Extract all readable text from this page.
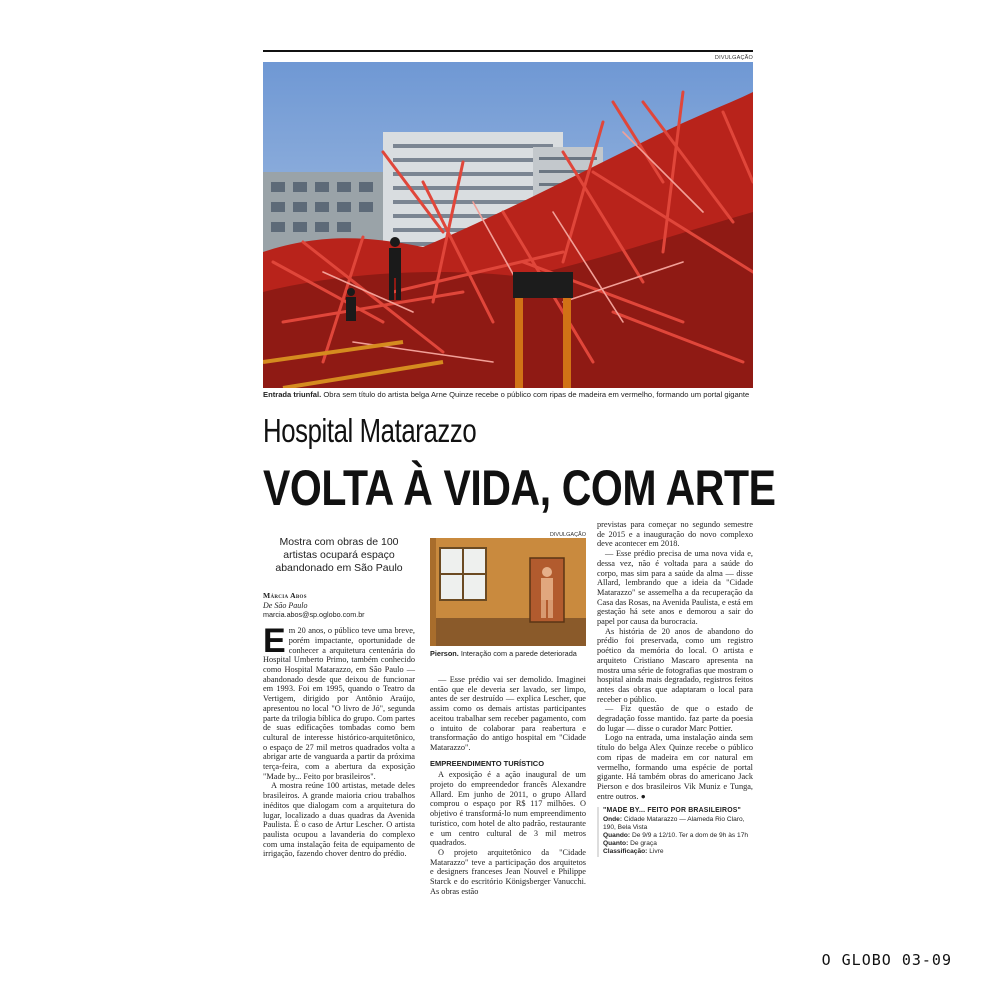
DIVULGAÇÃO
Entrada triunfal. Obra sem título do artista belga Arne Quinze recebe o público com ripas de madeira em vermelho, formando um portal gigante
Hospital Matarazzo
VOLTA À VIDA, COM ARTE
Mostra com obras de 100 artistas ocupará espaço abandonado em São Paulo
Márcia Abos
De São Paulo
marcia.abos@sp.oglobo.com.br
E m 20 anos, o público teve uma breve, porém impactante, oportunidade de conhecer a arquitetura centenária do Hospital Umberto Primo, também conhecido como Hospital Matarazzo, em São Paulo — abandonado desde que deixou de funcionar em 1993. Foi em 1995, quando o Teatro da Vertigem, dirigido por Antônio Araújo, apresentou no local "O livro de Jó", segunda parte da trilogia bíblica do grupo. Com partes de suas edificações tombadas como bem cultural de interesse histórico-arquitetônico, o espaço de 27 mil metros quadrados volta a abrigar arte de vanguarda a partir da próxima terça-feira, com a abertura da exposição "Made by... Feito por brasileiros".

A mostra reúne 100 artistas, metade deles brasileiros. A grande maioria criou trabalhos inéditos que dialogam com a arquitetura do lugar, localizado a duas quadras da Avenida Paulista. É o caso de Artur Lescher. O artista paulista ocupou a lavanderia do complexo com uma instalação feita de equipamento de irrigação, fazendo chover dentro do prédio.

DIVULGAÇÃO
Pierson. Interação com a parede deteriorada

— Esse prédio vai ser demolido. Imaginei então que ele deveria ser lavado, ser limpo, antes de ser destruído — explica Lescher, que assim como os demais artistas participantes aceitou trabalhar sem receber pagamento, com o intuito de colaborar para reabertura e transformação do antigo hospital em "Cidade Matarazzo".

EMPREENDIMENTO TURÍSTICO

A exposição é a ação inaugural de um projeto do empreendedor francês Alexandre Allard. Em junho de 2011, o grupo Allard comprou o espaço por R$ 117 milhões. O objetivo é transformá-lo num empreendimento turístico, com hotel de alto padrão, restaurante e um centro cultural de 3 mil metros quadrados.

O projeto arquitetônico da "Cidade Matarazzo" teve a participação dos arquitetos e designers franceses Jean Nouvel e Philippe Starck e do escritório Königsberger Vanucchi. As obras estão

previstas para começar no segundo semestre de 2015 e a inauguração do novo complexo deve acontecer em 2018.

— Esse prédio precisa de uma nova vida e, dessa vez, não é voltada para a saúde do corpo, mas sim para a saúde da alma — disse Allard, lembrando que a ideia da "Cidade Matarazzo" se assemelha a da recuperação da Casa das Rosas, na Avenida Paulista, e está em gestação há sete anos e demorou a sair do papel por causa da burocracia.

As história de 20 anos de abandono do prédio foi preservada, como um registro poético da memória do local. O artista e arquiteto Cristiano Mascaro apresenta na mostra uma série de fotografias que mostram o hospital ainda mais degradado, registros feitos antes das obras que adaptaram o local para receber o público.

— Fiz questão de que o estado de degradação fosse mantido. faz parte da poesia do lugar — disse o curador Marc Pottier.

Logo na entrada, uma instalação ainda sem título do belga Alex Quinze recebe o público com ripas de madeira em cor natural em vermelho, formando uma espécie de portal gigante. Há também obras do americano Jack Pierson e dos brasileiros Vik Muniz e Tunga, entre outros. ●

"MADE BY... FEITO POR BRASILEIROS"
Onde: Cidade Matarazzo — Alameda Rio Claro, 190, Bela Vista
Quando: De 9/9 a 12/10. Ter a dom de 9h às 17h
Quanto: De graça
Classificação: Livre
O GLOBO 03-09
